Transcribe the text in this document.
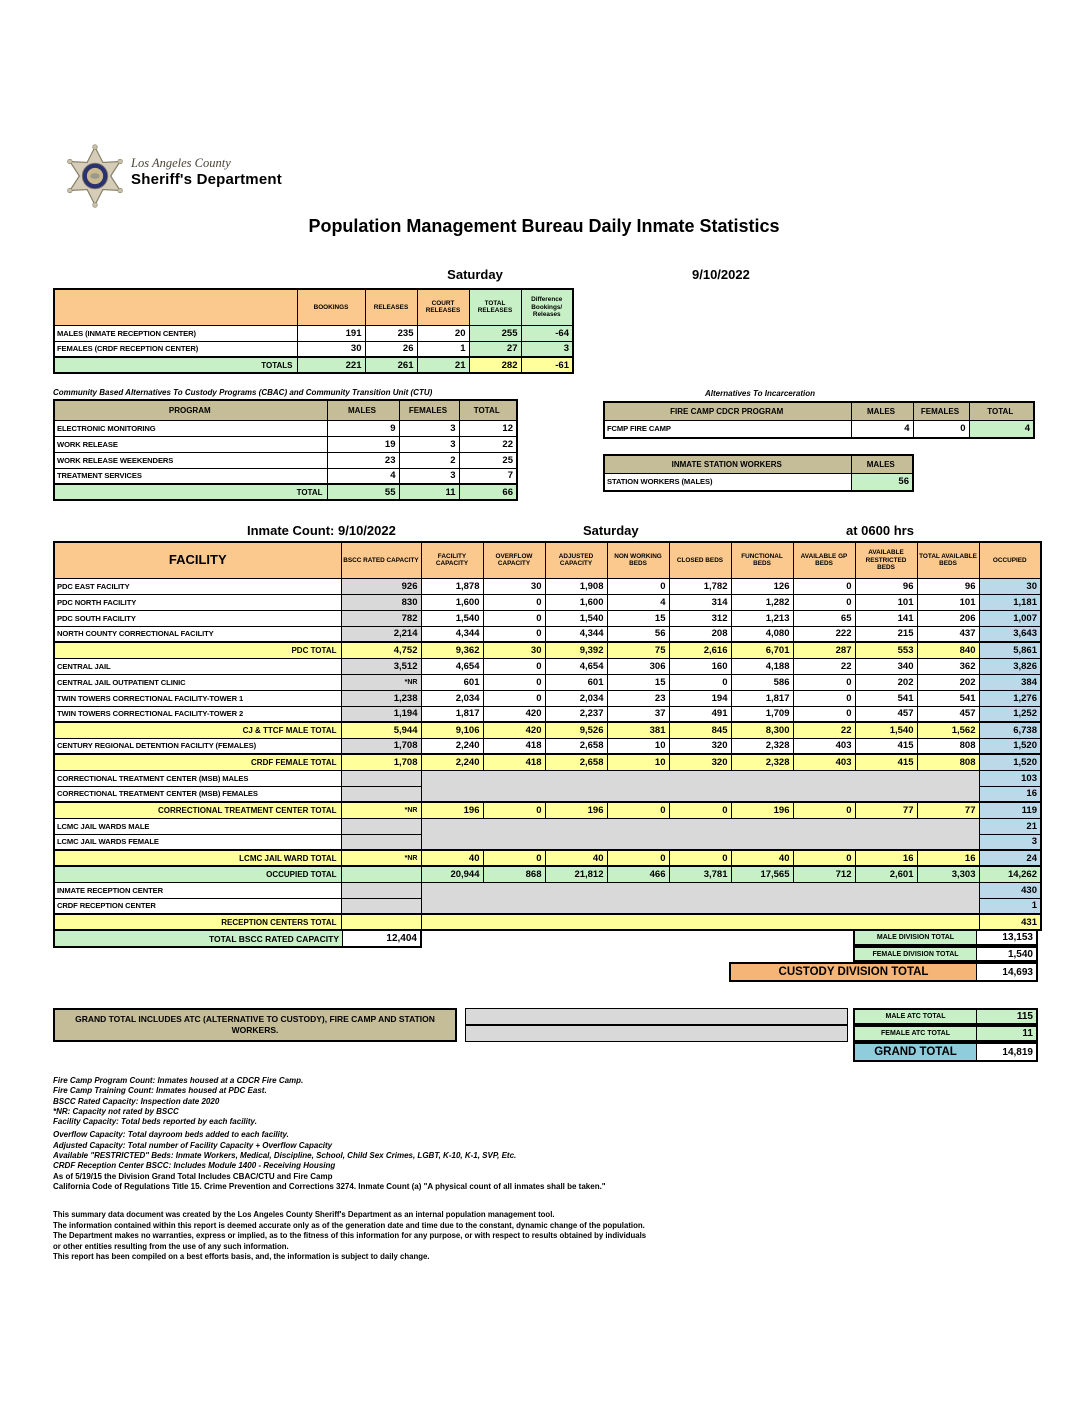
Los Angeles County
Sheriff's Department
Population Management Bureau Daily Inmate Statistics
Saturday	9/10/2022
	BOOKINGS	RELEASES	COURT RELEASES	TOTAL RELEASES	Difference Bookings/ Releases
MALES (INMATE RECEPTION CENTER)	191	235	20	255	-64
FEMALES (CRDF RECEPTION CENTER)	30	26	1	27	3
TOTALS	221	261	21	282	-61
Community Based Alternatives To Custody Programs (CBAC) and Community Transition Unit (CTU)
PROGRAM	MALES	FEMALES	TOTAL
ELECTRONIC MONITORING	9	3	12
WORK RELEASE	19	3	22
WORK RELEASE WEEKENDERS	23	2	25
TREATMENT SERVICES	4	3	7
TOTAL	55	11	66
Alternatives To Incarceration
FIRE CAMP CDCR PROGRAM	MALES	FEMALES	TOTAL
FCMP FIRE CAMP	4	0	4
INMATE STATION WORKERS	MALES
STATION WORKERS (MALES)	56
Inmate Count: 9/10/2022	Saturday	at 0600 hrs
FACILITY	BSCC RATED CAPACITY	FACILITY CAPACITY	OVERFLOW CAPACITY	ADJUSTED CAPACITY	NON WORKING BEDS	CLOSED BEDS	FUNCTIONAL BEDS	AVAILABLE GP BEDS	AVAILABLE RESTRICTED BEDS	TOTAL AVAILABLE BEDS	OCCUPIED
PDC EAST FACILITY	926	1,878	30	1,908	0	1,782	126	0	96	96	30
PDC NORTH FACILITY	830	1,600	0	1,600	4	314	1,282	0	101	101	1,181
PDC SOUTH FACILITY	782	1,540	0	1,540	15	312	1,213	65	141	206	1,007
NORTH COUNTY CORRECTIONAL FACILITY	2,214	4,344	0	4,344	56	208	4,080	222	215	437	3,643
PDC TOTAL	4,752	9,362	30	9,392	75	2,616	6,701	287	553	840	5,861
CENTRAL JAIL	3,512	4,654	0	4,654	306	160	4,188	22	340	362	3,826
CENTRAL JAIL OUTPATIENT CLINIC	*NR	601	0	601	15	0	586	0	202	202	384
TWIN TOWERS CORRECTIONAL FACILITY-TOWER 1	1,238	2,034	0	2,034	23	194	1,817	0	541	541	1,276
TWIN TOWERS CORRECTIONAL FACILITY-TOWER 2	1,194	1,817	420	2,237	37	491	1,709	0	457	457	1,252
CJ & TTCF MALE TOTAL	5,944	9,106	420	9,526	381	845	8,300	22	1,540	1,562	6,738
CENTURY REGIONAL DETENTION FACILITY (FEMALES)	1,708	2,240	418	2,658	10	320	2,328	403	415	808	1,520
CRDF FEMALE TOTAL	1,708	2,240	418	2,658	10	320	2,328	403	415	808	1,520
CORRECTIONAL TREATMENT CENTER (MSB) MALES											103
CORRECTIONAL TREATMENT CENTER (MSB) FEMALES											16
CORRECTIONAL TREATMENT CENTER TOTAL	*NR	196	0	196	0	0	196	0	77	77	119
LCMC JAIL WARDS MALE											21
LCMC JAIL WARDS FEMALE											3
LCMC JAIL WARD TOTAL	*NR	40	0	40	0	0	40	0	16	16	24
OCCUPIED TOTAL		20,944	868	21,812	466	3,781	17,565	712	2,601	3,303	14,262
INMATE RECEPTION CENTER											430
CRDF RECEPTION CENTER											1
RECEPTION CENTERS TOTAL											431
TOTAL BSCC RATED CAPACITY	12,404	MALE DIVISION TOTAL	13,153
FEMALE DIVISION TOTAL	1,540
CUSTODY DIVISION TOTAL	14,693
GRAND TOTAL INCLUDES ATC (ALTERNATIVE TO CUSTODY), FIRE CAMP AND STATION WORKERS.
MALE ATC TOTAL	115
FEMALE ATC TOTAL	11
GRAND TOTAL	14,819
Fire Camp Program Count: Inmates housed at a CDCR Fire Camp.
Fire Camp Training Count: Inmates housed at PDC East.
BSCC Rated Capacity: Inspection date 2020
*NR: Capacity not rated by BSCC
Facility Capacity: Total beds reported by each facility.
Overflow Capacity: Total dayroom beds added to each facility.
Adjusted Capacity: Total number of Facility Capacity + Overflow Capacity
Available "RESTRICTED" Beds: Inmate Workers, Medical, Discipline, School, Child Sex Crimes, LGBT, K-10, K-1, SVP, Etc.
CRDF Reception Center BSCC: Includes Module 1400 - Receiving Housing
As of 5/19/15 the Division Grand Total Includes CBAC/CTU and Fire Camp
California Code of Regulations Title 15. Crime Prevention and Corrections 3274. Inmate Count (a) "A physical count of all inmates shall be taken."
This summary data document was created by the Los Angeles County Sheriff's Department as an internal population management tool.
The information contained within this report is deemed accurate only as of the generation date and time due to the constant, dynamic change of the population.
The Department makes no warranties, express or implied, as to the fitness of this information for any purpose, or with respect to results obtained by individuals
or other entities resulting from the use of any such information.
This report has been compiled on a best efforts basis, and, the information is subject to daily change.
